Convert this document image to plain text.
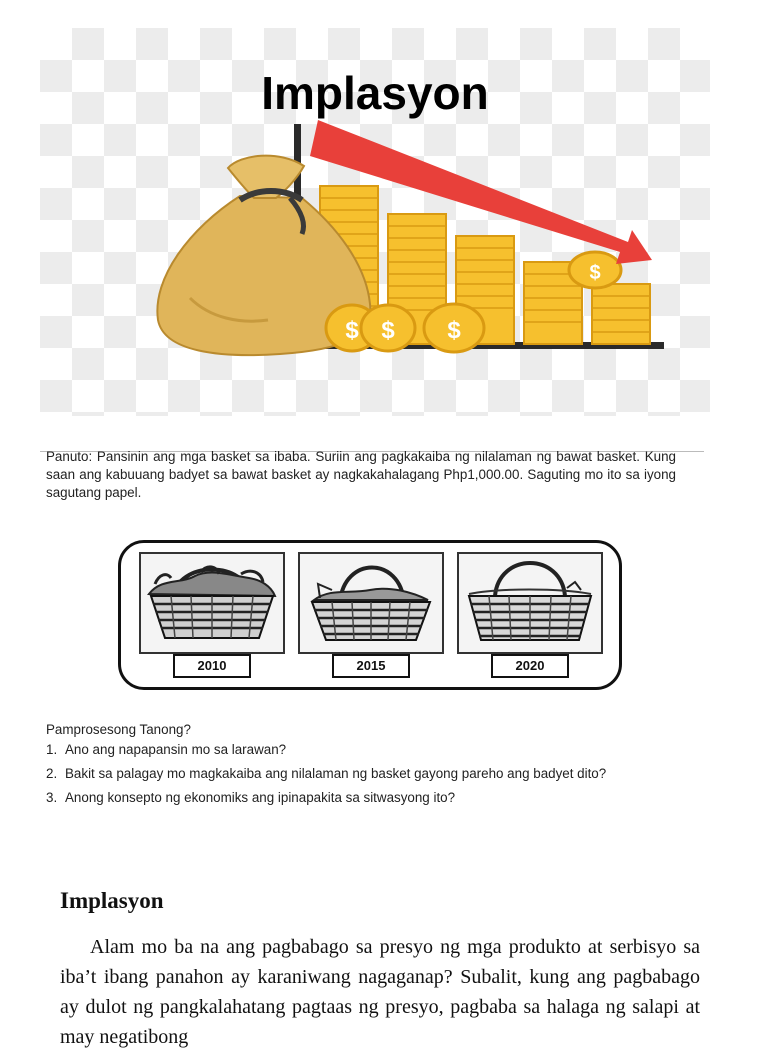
$ $ $
$
Implasyon

Panuto: Pansinin ang mga basket sa ibaba. Suriin ang pagkakaiba ng nilalaman ng bawat basket. Kung saan ang kabuuang badyet sa bawat basket ay nagkakahalagang Php1,000.00. Saguting mo ito sa iyong sagutang papel.

2010	2015	2020

Pamprosesong Tanong?

1. Ano ang napapansin mo sa larawan?
2. Bakit sa palagay mo magkakaiba ang nilalaman ng basket gayong pareho ang badyet dito?
3. Anong konsepto ng ekonomiks ang ipinapakita sa sitwasyong ito?
Implasyon

Alam mo ba na ang pagbabago sa presyo ng mga produkto at serbisyo sa iba’t ibang panahon ay karaniwang nagaganap? Subalit, kung ang pagbabago ay dulot ng pangkalahatang pagtaas ng presyo, pagbaba sa halaga ng salapi at may negatibong
